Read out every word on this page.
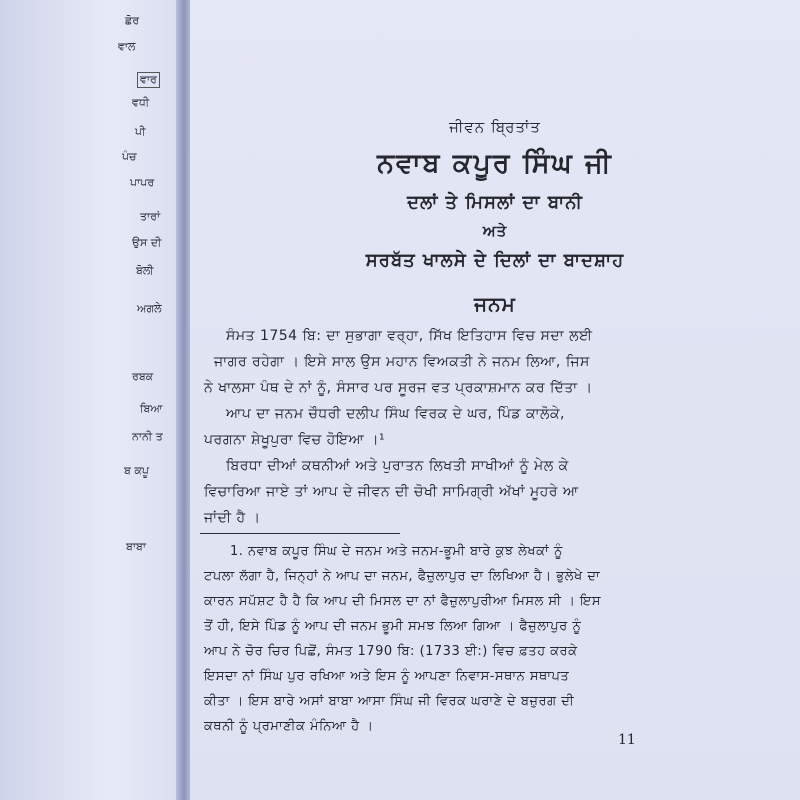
ਛੋਰ
ਵਾਲ
ਵਾਰ
ਵਧੀ
ਪੀ
ਪੰਚ
ਪਾਪਰ
ਤਾਰਾਂ
ਉਸ ਦੀ
ਬੋਲੀ
ਅਗਲੇ
ਰਬਕ
ਬਿਆ
ਨਾਨੀ ਤ
ਬ ਕਪੂ
ਬਾਬਾ
ਜੀਵਨ ਬ੍ਰਿਤਾਂਤ
ਨਵਾਬ ਕਪੂਰ ਸਿੰਘ ਜੀ
ਦਲਾਂ ਤੇ ਮਿਸਲਾਂ ਦਾ ਬਾਨੀ
ਅਤੇ
ਸਰਬੱਤ ਖਾਲਸੇ ਦੇ ਦਿਲਾਂ ਦਾ ਬਾਦਸ਼ਾਹ
ਜਨਮ
ਸੰਮਤ 1754 ਬਿ: ਦਾ ਸੁਭਾਗਾ ਵਰ੍ਹਾ, ਸਿੱਖ ਇਤਿਹਾਸ ਵਿਚ ਸਦਾ ਲਈ
ਜਾਗਰ ਰਹੇਗਾ । ਇਸੇ ਸਾਲ ਉਸ ਮਹਾਨ ਵਿਅਕਤੀ ਨੇ ਜਨਮ ਲਿਆ, ਜਿਸ
ਨੇ ਖਾਲਸਾ ਪੰਥ ਦੇ ਨਾਂ ਨੂੰ, ਸੰਸਾਰ ਪਰ ਸੂਰਜ ਵਤ ਪ੍ਰਕਾਸ਼ਮਾਨ ਕਰ ਦਿੱਤਾ ।
ਆਪ ਦਾ ਜਨਮ ਚੌਧਰੀ ਦਲੀਪ ਸਿੰਘ ਵਿਰਕ ਦੇ ਘਰ, ਪਿੰਡ ਕਾਲੋਕੇ,
ਪਰਗਨਾ ਸ਼ੇਖੂਪੁਰਾ ਵਿਚ ਹੋਇਆ ।¹
ਬਿਰਧਾ ਦੀਆਂ ਕਥਨੀਆਂ ਅਤੇ ਪੁਰਾਤਨ ਲਿਖਤੀ ਸਾਖੀਆਂ ਨੂੰ ਮੇਲ ਕੇ
ਵਿਚਾਰਿਆ ਜਾਏ ਤਾਂ ਆਪ ਦੇ ਜੀਵਨ ਦੀ ਚੋਖੀ ਸਾਮਿਗ੍ਰੀ ਅੱਖਾਂ ਮੂਹਰੇ ਆ
ਜਾਂਦੀ ਹੈ ।
1. ਨਵਾਬ ਕਪੂਰ ਸਿੰਘ ਦੇ ਜਨਮ ਅਤੇ ਜਨਮ-ਭੂਮੀ ਬਾਰੇ ਕੁਝ ਲੇਖਕਾਂ ਨੂੰ
ਟਪਲਾ ਲੱਗਾ ਹੈ, ਜਿਨ੍ਹਾਂ ਨੇ ਆਪ ਦਾ ਜਨਮ, ਫੈਜ਼ੁਲਾਪੁਰ ਦਾ ਲਿਖਿਆ ਹੈ। ਭੁਲੇਖੇ ਦਾ
ਕਾਰਨ ਸਪੱਸ਼ਟ ਹੈ ਹੈ ਕਿ ਆਪ ਦੀ ਮਿਸਲ ਦਾ ਨਾਂ ਫੈਜ਼ੁਲਾਪੁਰੀਆ ਮਿਸਲ ਸੀ । ਇਸ
ਤੋਂ ਹੀ, ਇਸੇ ਪਿੰਡ ਨੂੰ ਆਪ ਦੀ ਜਨਮ ਭੂਮੀ ਸਮਝ ਲਿਆ ਗਿਆ । ਫੈਜ਼ੁਲਾਪੁਰ ਨੂੰ
ਆਪ ਨੇ ਚੋਰ ਚਿਰ ਪਿਛੋਂ, ਸੰਮਤ 1790 ਬਿ: (1733 ਈ:) ਵਿਚ ਫ਼ਤਹ ਕਰਕੇ
ਇਸਦਾ ਨਾਂ ਸਿੰਘ ਪੁਰ ਰਖਿਆ ਅਤੇ ਇਸ ਨੂੰ ਆਪਣਾ ਨਿਵਾਸ-ਸਥਾਨ ਸਥਾਪਤ
ਕੀਤਾ । ਇਸ ਬਾਰੇ ਅਸਾਂ ਬਾਬਾ ਆਸਾ ਸਿੰਘ ਜੀ ਵਿਰਕ ਘਰਾਣੇ ਦੇ ਬਜ਼ੁਰਗ ਦੀ
ਕਥਨੀ ਨੂੰ ਪ੍ਰਮਾਣੀਕ ਮੰਨਿਆ ਹੈ ।
11
